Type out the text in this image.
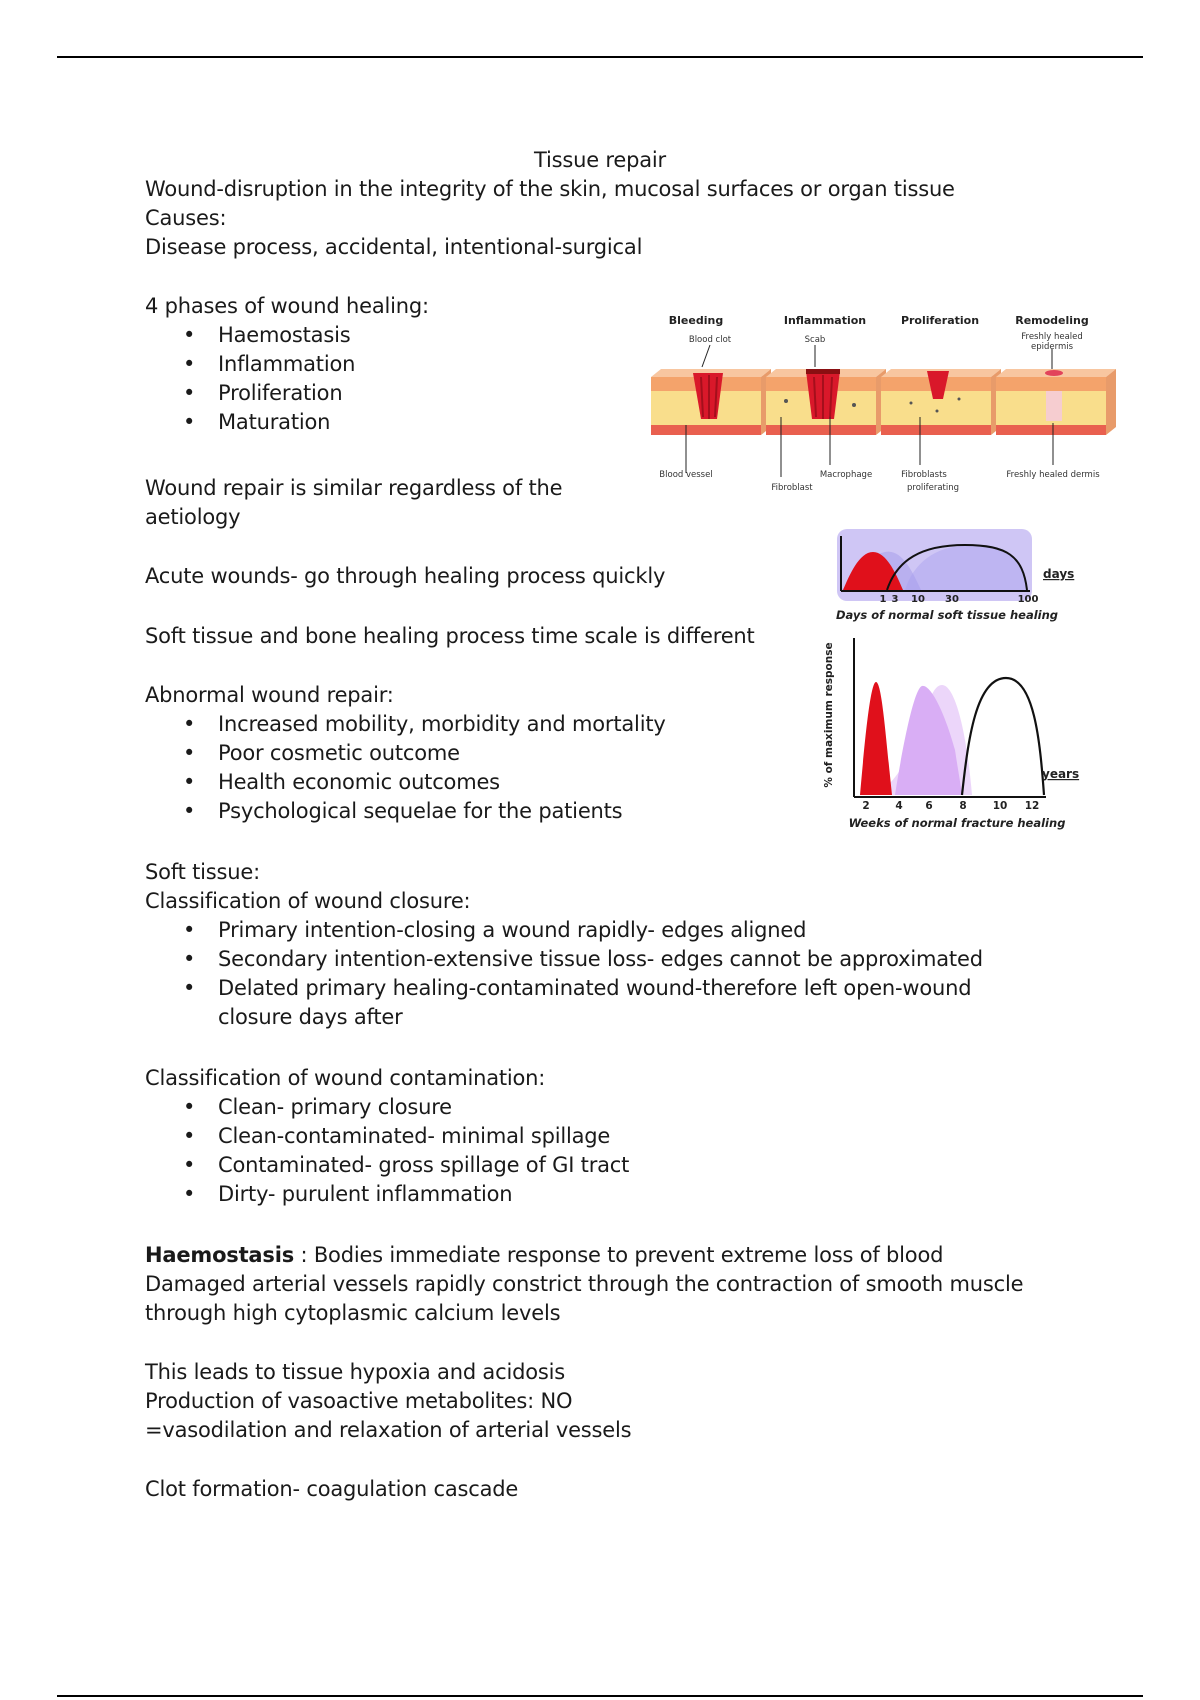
Tissue repair
Wound-disruption in the integrity of the skin, mucosal surfaces or organ tissue
Causes:
Disease process, accidental, intentional-surgical
4 phases of wound healing:
• Haemostasis
• Inflammation
• Proliferation
• Maturation
Wound repair is similar regardless of the
aetiology
Acute wounds- go through healing process quickly
Soft tissue and bone healing process time scale is different
Abnormal wound repair:
• Increased mobility, morbidity and mortality
• Poor cosmetic outcome
• Health economic outcomes
• Psychological sequelae for the patients
Soft tissue:
Classification of wound closure:
• Primary intention-closing a wound rapidly- edges aligned
• Secondary intention-extensive tissue loss- edges cannot be approximated
• Delated primary healing-contaminated wound-therefore left open-wound closure days after
Classification of wound contamination:
• Clean- primary closure
• Clean-contaminated- minimal spillage
• Contaminated- gross spillage of GI tract
• Dirty- purulent inflammation
Haemostasis : Bodies immediate response to prevent extreme loss of blood
Damaged arterial vessels rapidly constrict through the contraction of smooth muscle
through high cytoplasmic calcium levels
This leads to tissue hypoxia and acidosis
Production of vasoactive metabolites: NO
=vasodilation and relaxation of arterial vessels
Clot formation- coagulation cascade
Bleeding	Inflammation	Proliferation	Remodeling
Blood clot	Scab	Freshly healed
epidermis
Blood vessel
Fibroblast
Macrophage	Fibroblasts
proliferating
Freshly healed dermis
1 3 10 30	100
days
Days of normal soft tissue healing
% of maximum response
2 4 6	8 10 12
years
Weeks of normal fracture healing
